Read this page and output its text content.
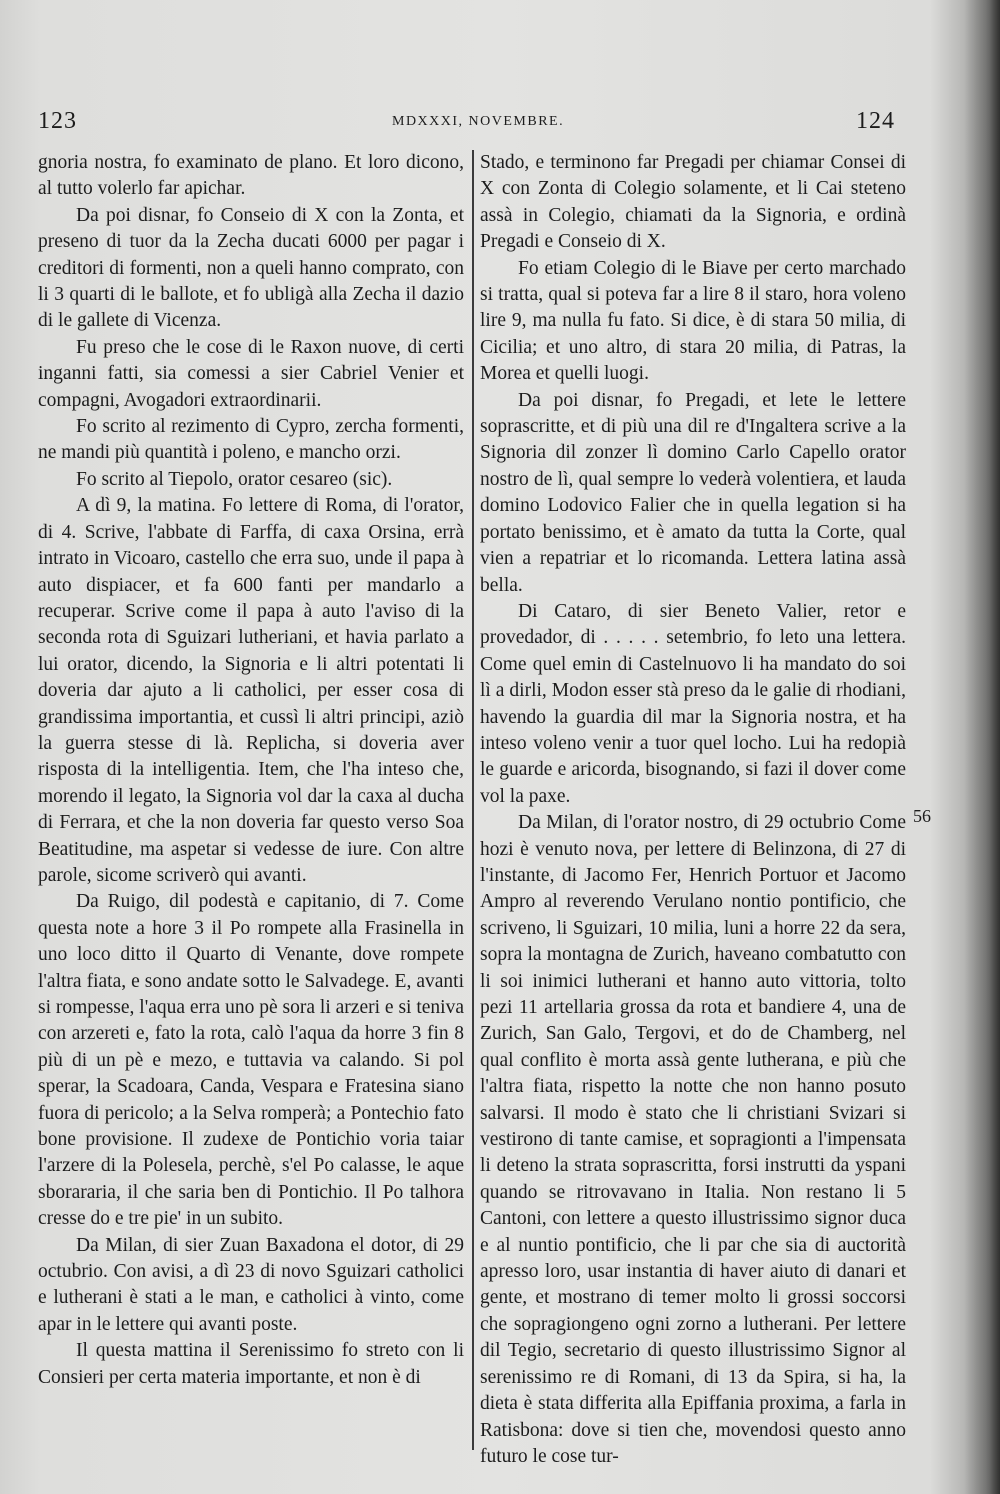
123	MDXXXI, NOVEMBRE.	124

gnoria nostra, fo examinato de plano. Et loro dicono, al tutto volerlo far apichar.

Da poi disnar, fo Conseio di X con la Zonta, et preseno di tuor da la Zecha ducati 6000 per pagar i creditori di formenti, non a queli hanno comprato, con li 3 quarti di le ballote, et fo ubligà alla Zecha il dazio di le gallete di Vicenza.

Fu preso che le cose di le Raxon nuove, di certi inganni fatti, sia comessi a sier Cabriel Venier et compagni, Avogadori extraordinarii.

Fo scrito al rezimento di Cypro, zercha formenti, ne mandi più quantità i poleno, e mancho orzi.

Fo scrito al Tiepolo, orator cesareo (sic).

A dì 9, la matina. Fo lettere di Roma, di l'orator, di 4. Scrive, l'abbate di Farffa, di caxa Orsina, errà intrato in Vicoaro, castello che erra suo, unde il papa à auto dispiacer, et fa 600 fanti per mandarlo a recuperar. Scrive come il papa à auto l'aviso di la seconda rota di Sguizari lutheriani, et havia parlato a lui orator, dicendo, la Signoria e li altri potentati li doveria dar ajuto a li catholici, per esser cosa di grandissima importantia, et cussì li altri principi, aziò la guerra stesse di là. Replicha, si doveria aver risposta di la intelligentia. Item, che l'ha inteso che, morendo il legato, la Signoria vol dar la caxa al ducha di Ferrara, et che la non doveria far questo verso Soa Beatitudine, ma aspetar si vedesse de iure. Con altre parole, sicome scriverò qui avanti.

Da Ruigo, dil podestà e capitanio, di 7. Come questa note a hore 3 il Po rompete alla Frasinella in uno loco ditto il Quarto di Venante, dove rompete l'altra fiata, e sono andate sotto le Salvadege. E, avanti si rompesse, l'aqua erra uno pè sora li arzeri e si teniva con arzereti e, fato la rota, calò l'aqua da horre 3 fin 8 più di un pè e mezo, e tuttavia va calando. Si pol sperar, la Scadoara, Canda, Vespara e Fratesina siano fuora di pericolo; a la Selva romperà; a Pontechio fato bone provisione. Il zudexe de Pontichio voria taiar l'arzere di la Polesela, perchè, s'el Po calasse, le aque sborararia, il che saria ben di Pontichio. Il Po talhora cresse do e tre pie' in un subito.

Da Milan, di sier Zuan Baxadona el dotor, di 29 octubrio. Con avisi, a dì 23 di novo Sguizari catholici e lutherani è stati a le man, e catholici à vinto, come apar in le lettere qui avanti poste.

Il questa mattina il Serenissimo fo streto con li Consieri per certa materia importante, et non è di

Stado, e terminono far Pregadi per chiamar Consei di X con Zonta di Colegio solamente, et li Cai steteno assà in Colegio, chiamati da la Signoria, e ordinà Pregadi e Conseio di X.

Fo etiam Colegio di le Biave per certo marchado si tratta, qual si poteva far a lire 8 il staro, hora voleno lire 9, ma nulla fu fato. Si dice, è di stara 50 milia, di Cicilia; et uno altro, di stara 20 milia, di Patras, la Morea et quelli luogi.

Da poi disnar, fo Pregadi, et lete le lettere soprascritte, et di più una dil re d'Ingaltera scrive a la Signoria dil zonzer lì domino Carlo Capello orator nostro de lì, qual sempre lo vederà volentiera, et lauda domino Lodovico Falier che in quella legation si ha portato benissimo, et è amato da tutta la Corte, qual vien a repatriar et lo ricomanda. Lettera latina assà bella.

Di Cataro, di sier Beneto Valier, retor e provedador, di . . . . . setembrio, fo leto una lettera. Come quel emin di Castelnuovo li ha mandato do soi lì a dirli, Modon esser stà preso da le galie di rhodiani, havendo la guardia dil mar la Signoria nostra, et ha inteso voleno venir a tuor quel locho. Lui ha redopià le guarde e aricorda, bisognando, si fazi il dover come vol la paxe.

Da Milan, di l'orator nostro, di 29 octubrio Come hozi è venuto nova, per lettere di Belinzona, di 27 di l'instante, di Jacomo Fer, Henrich Portuor et Jacomo Ampro al reverendo Verulano nontio pontificio, che scriveno, li Sguizari, 10 milia, luni a horre 22 da sera, sopra la montagna de Zurich, haveano combatutto con li soi inimici lutherani et hanno auto vittoria, tolto pezi 11 artellaria grossa da rota et bandiere 4, una de Zurich, San Galo, Tergovi, et do de Chamberg, nel qual conflito è morta assà gente lutherana, e più che l'altra fiata, rispetto la notte che non hanno posuto salvarsi. Il modo è stato che li christiani Svizari si vestirono di tante camise, et sopragionti a l'impensata li deteno la strata soprascritta, forsi instrutti da yspani quando se ritrovavano in Italia. Non restano li 5 Cantoni, con lettere a questo illustrissimo signor duca e al nuntio pontificio, che li par che sia di auctorità apresso loro, usar instantia di haver aiuto di danari et gente, et mostrano di temer molto li grossi soccorsi che sopragiongeno ogni zorno a lutherani. Per lettere dil Tegio, secretario di questo illustrissimo Signor al serenissimo re di Romani, di 13 da Spira, si ha, la dieta è stata differita alla Epiffania proxima, a farla in Ratisbona: dove si tien che, movendosi questo anno futuro le cose tur-

56
